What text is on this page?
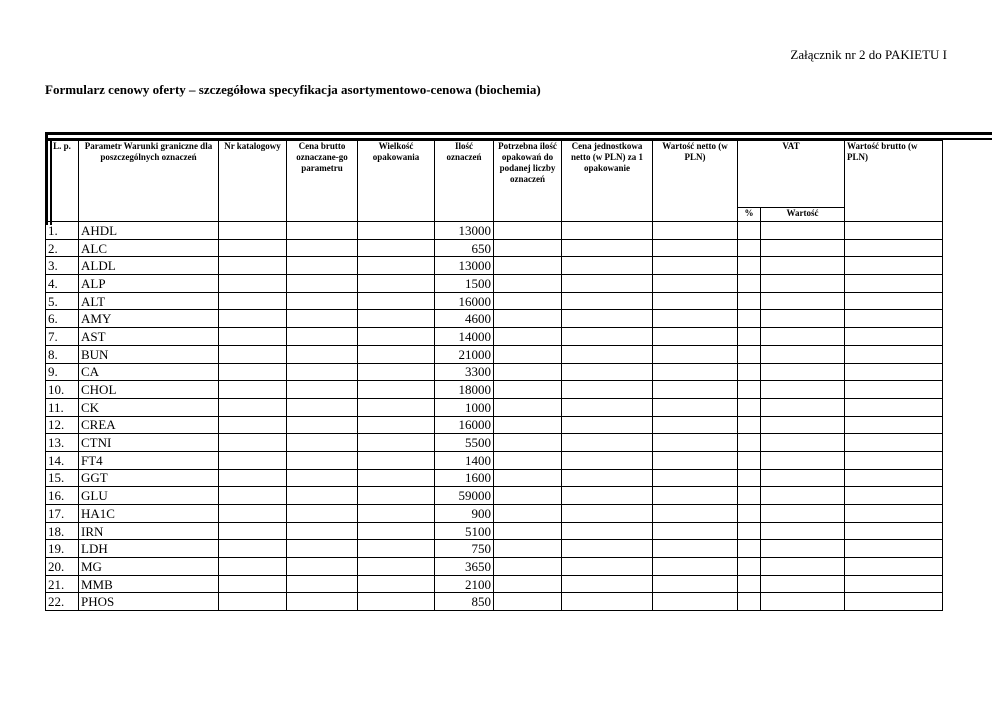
Załącznik nr 2 do PAKIETU I
Formularz cenowy oferty – szczegółowa specyfikacja asortymentowo-cenowa (biochemia)
L. p.	Parametr Warunki graniczne dla poszczególnych oznaczeń	Nr katalogowy	Cena brutto oznaczane-go parametru	Wielkość opakowania	Ilość oznaczeń	Potrzebna ilość opakowań do podanej liczby oznaczeń	Cena jednostkowa netto (w PLN) za 1 opakowanie	Wartość netto (w PLN)	VAT		Wartość brutto (w PLN)
									%	Wartość	
1.	AHDL				13000						
2.	ALC				650						
3.	ALDL				13000						
4.	ALP				1500						
5.	ALT				16000						
6.	AMY				4600						
7.	AST				14000						
8.	BUN				21000						
9.	CA				3300						
10.	CHOL				18000						
11.	CK				1000						
12.	CREA				16000						
13.	CTNI				5500						
14.	FT4				1400						
15.	GGT				1600						
16.	GLU				59000						
17.	HA1C				900						
18.	IRN				5100						
19.	LDH				750						
20.	MG				3650						
21.	MMB				2100						
22.	PHOS				850						
